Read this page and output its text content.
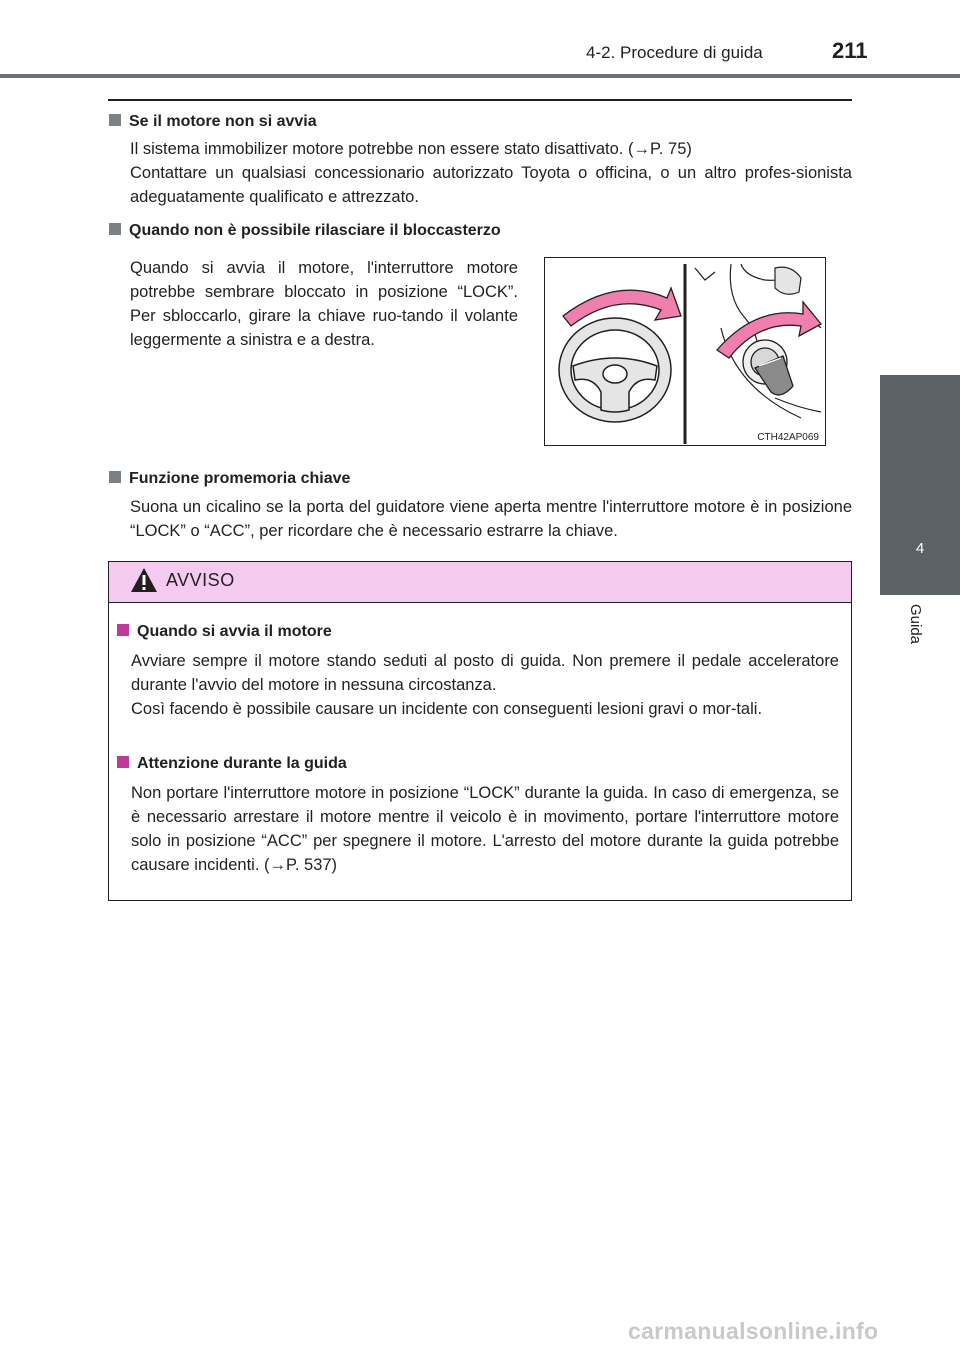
4-2. Procedure di guida	211
4
Guida
Se il motore non si avvia

Il sistema immobilizer motore potrebbe non essere stato disattivato. (→P. 75)

Contattare un qualsiasi concessionario autorizzato Toyota o officina, o un altro profes-sionista adeguatamente qualificato e attrezzato.

Quando non è possibile rilasciare il bloccasterzo

Quando si avvia il motore, l'interruttore motore potrebbe sembrare bloccato in posizione “LOCK”. Per sbloccarlo, girare la chiave ruo-tando il volante leggermente a sinistra e a destra.

CTH42AP069
Funzione promemoria chiave

Suona un cicalino se la porta del guidatore viene aperta mentre l'interruttore motore è in posizione “LOCK” o “ACC”, per ricordare che è necessario estrarre la chiave.

AVVISO
Quando si avvia il motore

Avviare sempre il motore stando seduti al posto di guida. Non premere il pedale acceleratore durante l'avvio del motore in nessuna circostanza.

Così facendo è possibile causare un incidente con conseguenti lesioni gravi o mor-tali.

Attenzione durante la guida

Non portare l'interruttore motore in posizione “LOCK” durante la guida. In caso di emergenza, se è necessario arrestare il motore mentre il veicolo è in movimento, portare l'interruttore motore solo in posizione “ACC” per spegnere il motore. L'arresto del motore durante la guida potrebbe causare incidenti. (→P. 537)

carmanualsonline.info
